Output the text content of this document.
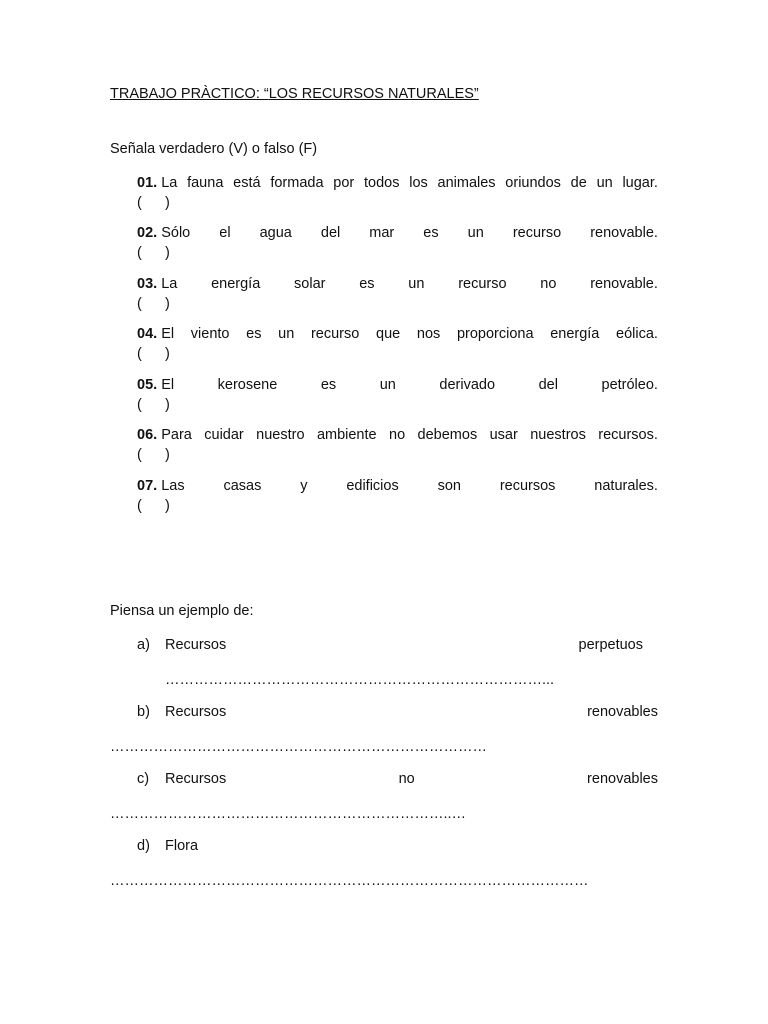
TRABAJO PRÀCTICO: “LOS RECURSOS NATURALES”
Señala verdadero (V) o falso (F)
01. La fauna está formada por todos los animales oriundos de un lugar.
(	)
02. Sólo el agua del mar es un recurso renovable.
(	)
03. La energía solar es un recurso no renovable.
(	)
04. El viento es un recurso que nos proporciona energía eólica.
(	)
05. El	kerosene	es	un	derivado	del	petróleo.
(	)
06. Para cuidar nuestro ambiente no debemos usar nuestros recursos.
(	)
07. Las	casas	y	edificios	son	recursos	naturales.
(	)
Piensa un ejemplo de:
a)	Recursos	perpetuos
……………………………………………………………………...
b)	Recursos	renovables
……………………………………………………………………
c)	Recursos	no	renovables
……………………………………………………………..…
d)	Flora
………………………………………………………………………………………
